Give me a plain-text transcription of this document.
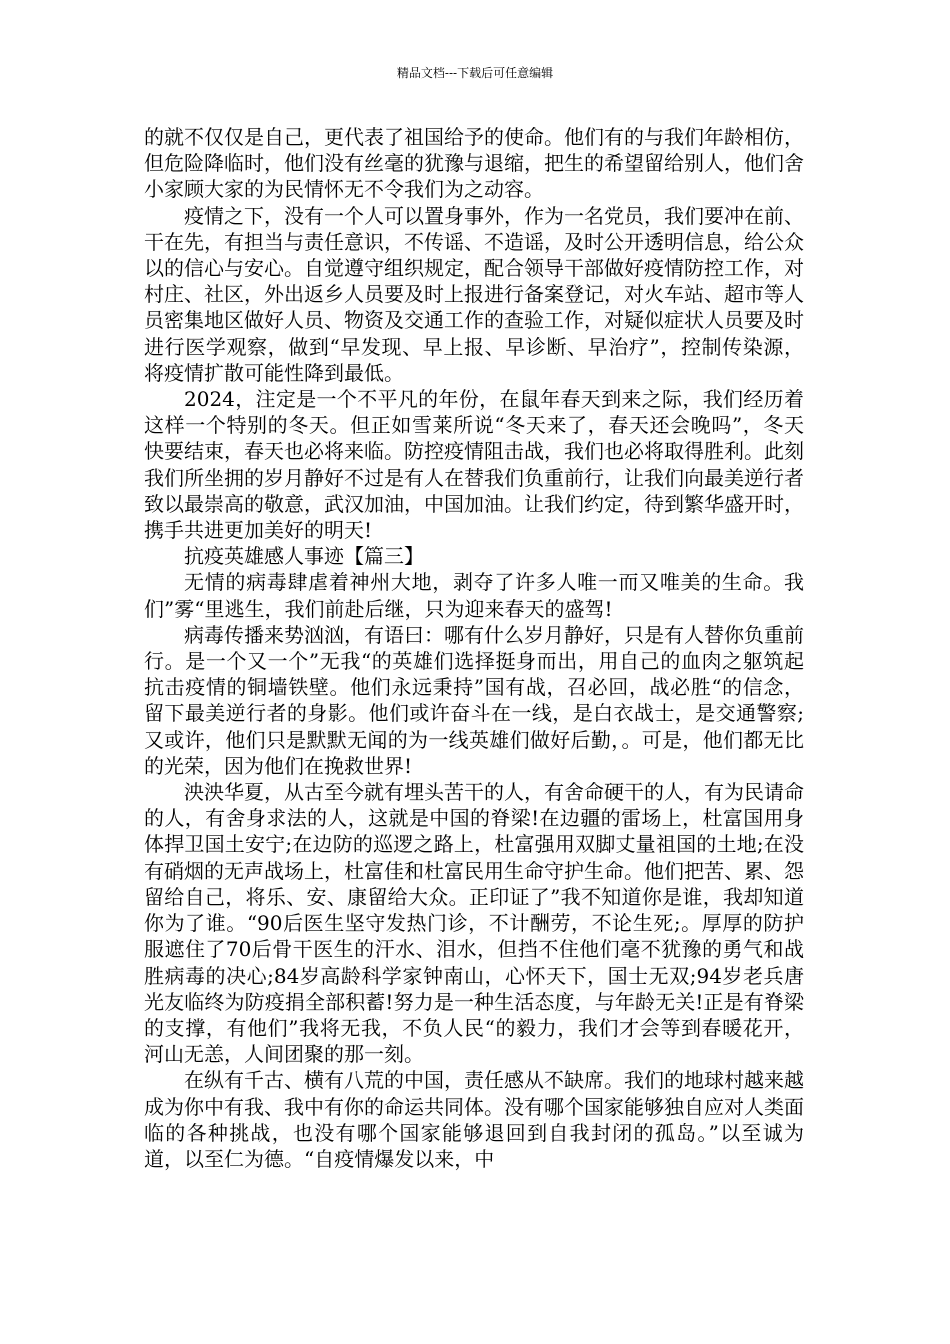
精品文档---下载后可任意编辑

的就不仅仅是自己，更代表了祖国给予的使命。他们有的与我们年龄相仿，但危险降临时，他们没有丝毫的犹豫与退缩，把生的希望留给别人，他们舍小家顾大家的为民情怀无不令我们为之动容。

疫情之下，没有一个人可以置身事外，作为一名党员，我们要冲在前、干在先，有担当与责任意识，不传谣、不造谣，及时公开透明信息，给公众以的信心与安心。自觉遵守组织规定，配合领导干部做好疫情防控工作，对村庄、社区，外出返乡人员要及时上报进行备案登记，对火车站、超市等人员密集地区做好人员、物资及交通工作的查验工作，对疑似症状人员要及时进行医学观察，做到“早发现、早上报、早诊断、早治疗”，控制传染源，将疫情扩散可能性降到最低。

2024，注定是一个不平凡的年份，在鼠年春天到来之际，我们经历着这样一个特别的冬天。但正如雪莱所说“冬天来了，春天还会晚吗”，冬天快要结束，春天也必将来临。防控疫情阻击战，我们也必将取得胜利。此刻我们所坐拥的岁月静好不过是有人在替我们负重前行，让我们向最美逆行者致以最崇高的敬意，武汉加油，中国加油。让我们约定，待到繁华盛开时，携手共进更加美好的明天!

抗疫英雄感人事迹【篇三】

无情的病毒肆虐着神州大地，剥夺了许多人唯一而又唯美的生命。我们”雾“里逃生，我们前赴后继，只为迎来春天的盛驾!

病毒传播来势汹汹，有语曰：哪有什么岁月静好，只是有人替你负重前行。是一个又一个”无我“的英雄们选择挺身而出，用自己的血肉之躯筑起抗击疫情的铜墙铁壁。他们永远秉持”国有战，召必回，战必胜“的信念，留下最美逆行者的身影。他们或许奋斗在一线，是白衣战士，是交通警察;又或许，他们只是默默无闻的为一线英雄们做好后勤，。可是，他们都无比的光荣，因为他们在挽救世界!

泱泱华夏，从古至今就有埋头苦干的人，有舍命硬干的人，有为民请命的人，有舍身求法的人，这就是中国的脊梁!在边疆的雷场上，杜富国用身体捍卫国土安宁;在边防的巡逻之路上，杜富强用双脚丈量祖国的土地;在没有硝烟的无声战场上，杜富佳和杜富民用生命守护生命。他们把苦、累、怨留给自己，将乐、安、康留给大众。正印证了”我不知道你是谁，我却知道你为了谁。“90后医生坚守发热门诊，不计酬劳，不论生死;。厚厚的防护服遮住了70后骨干医生的汗水、泪水，但挡不住他们毫不犹豫的勇气和战胜病毒的决心;84岁高龄科学家钟南山，心怀天下，国士无双;94岁老兵唐光友临终为防疫捐全部积蓄!努力是一种生活态度，与年龄无关!正是有脊梁的支撑，有他们”我将无我，不负人民“的毅力，我们才会等到春暖花开，河山无恙，人间团聚的那一刻。

在纵有千古、横有八荒的中国，责任感从不缺席。我们的地球村越来越成为你中有我、我中有你的命运共同体。没有哪个国家能够独自应对人类面临的各种挑战，也没有哪个国家能够退回到自我封闭的孤岛。”以至诚为道，以至仁为德。“自疫情爆发以来，中
